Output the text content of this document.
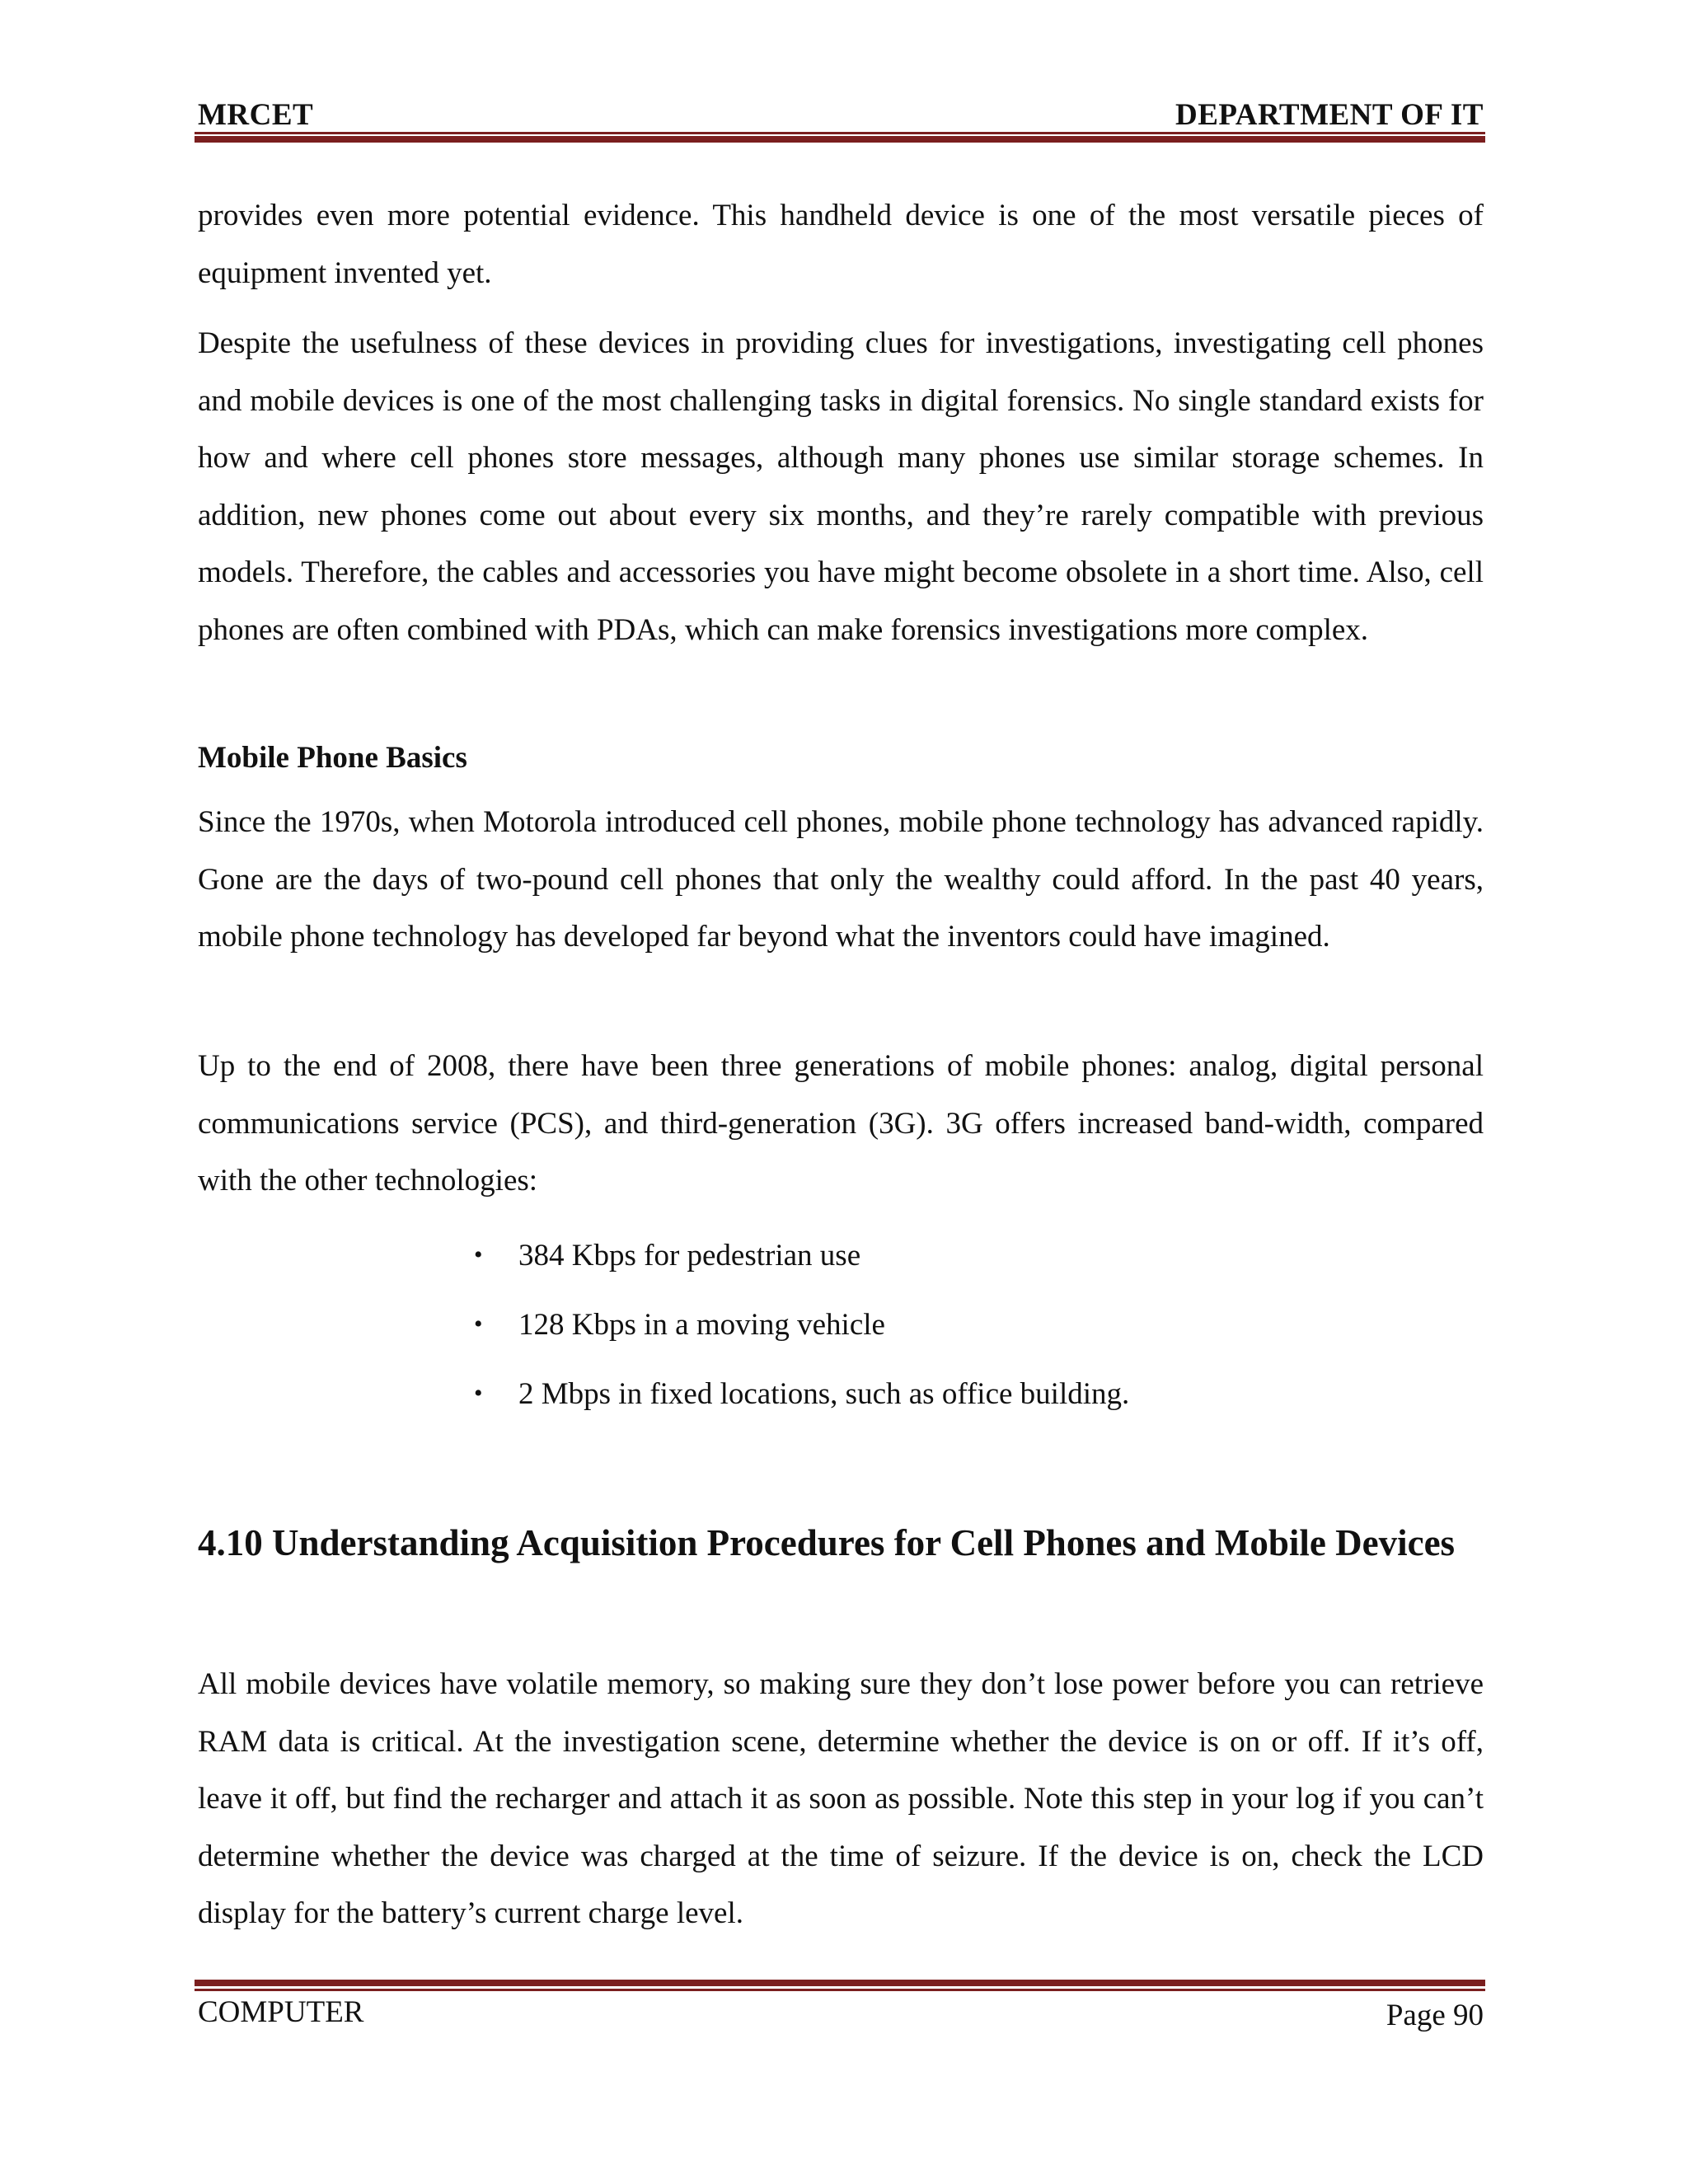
MRCET	DEPARTMENT OF IT

provides even more potential evidence. This handheld device is one of the most versatile pieces of equipment invented yet.

Despite the usefulness of these devices in providing clues for investigations, investigating cell phones and mobile devices is one of the most challenging tasks in digital forensics. No single standard exists for how and where cell phones store messages, although many phones use similar storage schemes. In addition, new phones come out about every six months, and they’re rarely compatible with previous models. Therefore, the cables and accessories you have might become obsolete in a short time. Also, cell phones are often combined with PDAs, which can make forensics investigations more complex.

Mobile Phone Basics

Since the 1970s, when Motorola introduced cell phones, mobile phone technology has advanced rapidly. Gone are the days of two-pound cell phones that only the wealthy could afford. In the past 40 years, mobile phone technology has developed far beyond what the inventors could have imagined.

Up to the end of 2008, there have been three generations of mobile phones: analog, digital personal communications service (PCS), and third-generation (3G). 3G offers increased band-width, compared with the other technologies:

•	384 Kbps for pedestrian use
•	128 Kbps in a moving vehicle
•	2 Mbps in fixed locations, such as office building.

4.10 Understanding Acquisition Procedures for Cell Phones and Mobile Devices

All mobile devices have volatile memory, so making sure they don’t lose power before you can retrieve RAM data is critical. At the investigation scene, determine whether the device is on or off. If it’s off, leave it off, but find the recharger and attach it as soon as possible. Note this step in your log if you can’t determine whether the device was charged at the time of seizure. If the device is on, check the LCD display for the battery’s current charge level.

COMPUTER	Page 90
